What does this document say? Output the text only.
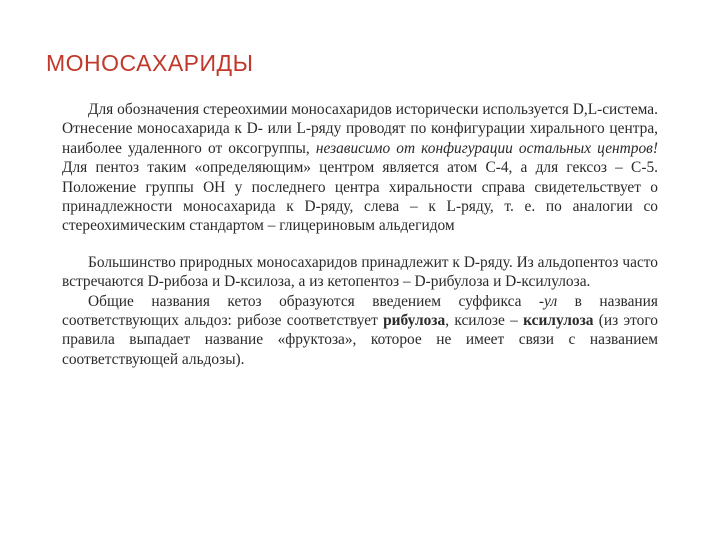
МОНОСАХАРИДЫ

Для обозначения стереохимии моносахаридов исторически используется D,L-система. Отнесение моносахарида к D- или L-ряду проводят по конфигурации хирального центра, наиболее удаленного от оксогруппы, независимо от конфигурации остальных центров! Для пентоз таким «определяющим» центром является атом С-4, а для гексоз – С-5. Положение группы ОН у последнего центра хиральности справа свидетельствует о принадлежности моносахарида к D-ряду, слева – к L-ряду, т. е. по аналогии со стереохимическим стандартом – глицериновым альдегидом

Большинство природных моносахаридов принадлежит к D-ряду. Из альдопентоз часто встречаются D-рибоза и D-ксилоза, а из кетопентоз – D-рибулоза и D-ксилулоза.

Общие названия кетоз образуются введением суффикса -ул в названия соответствующих альдоз: рибозе соответствует рибулоза, ксилозе – ксилулоза (из этого правила выпадает название «фруктоза», которое не имеет связи с названием соответствующей альдозы).
